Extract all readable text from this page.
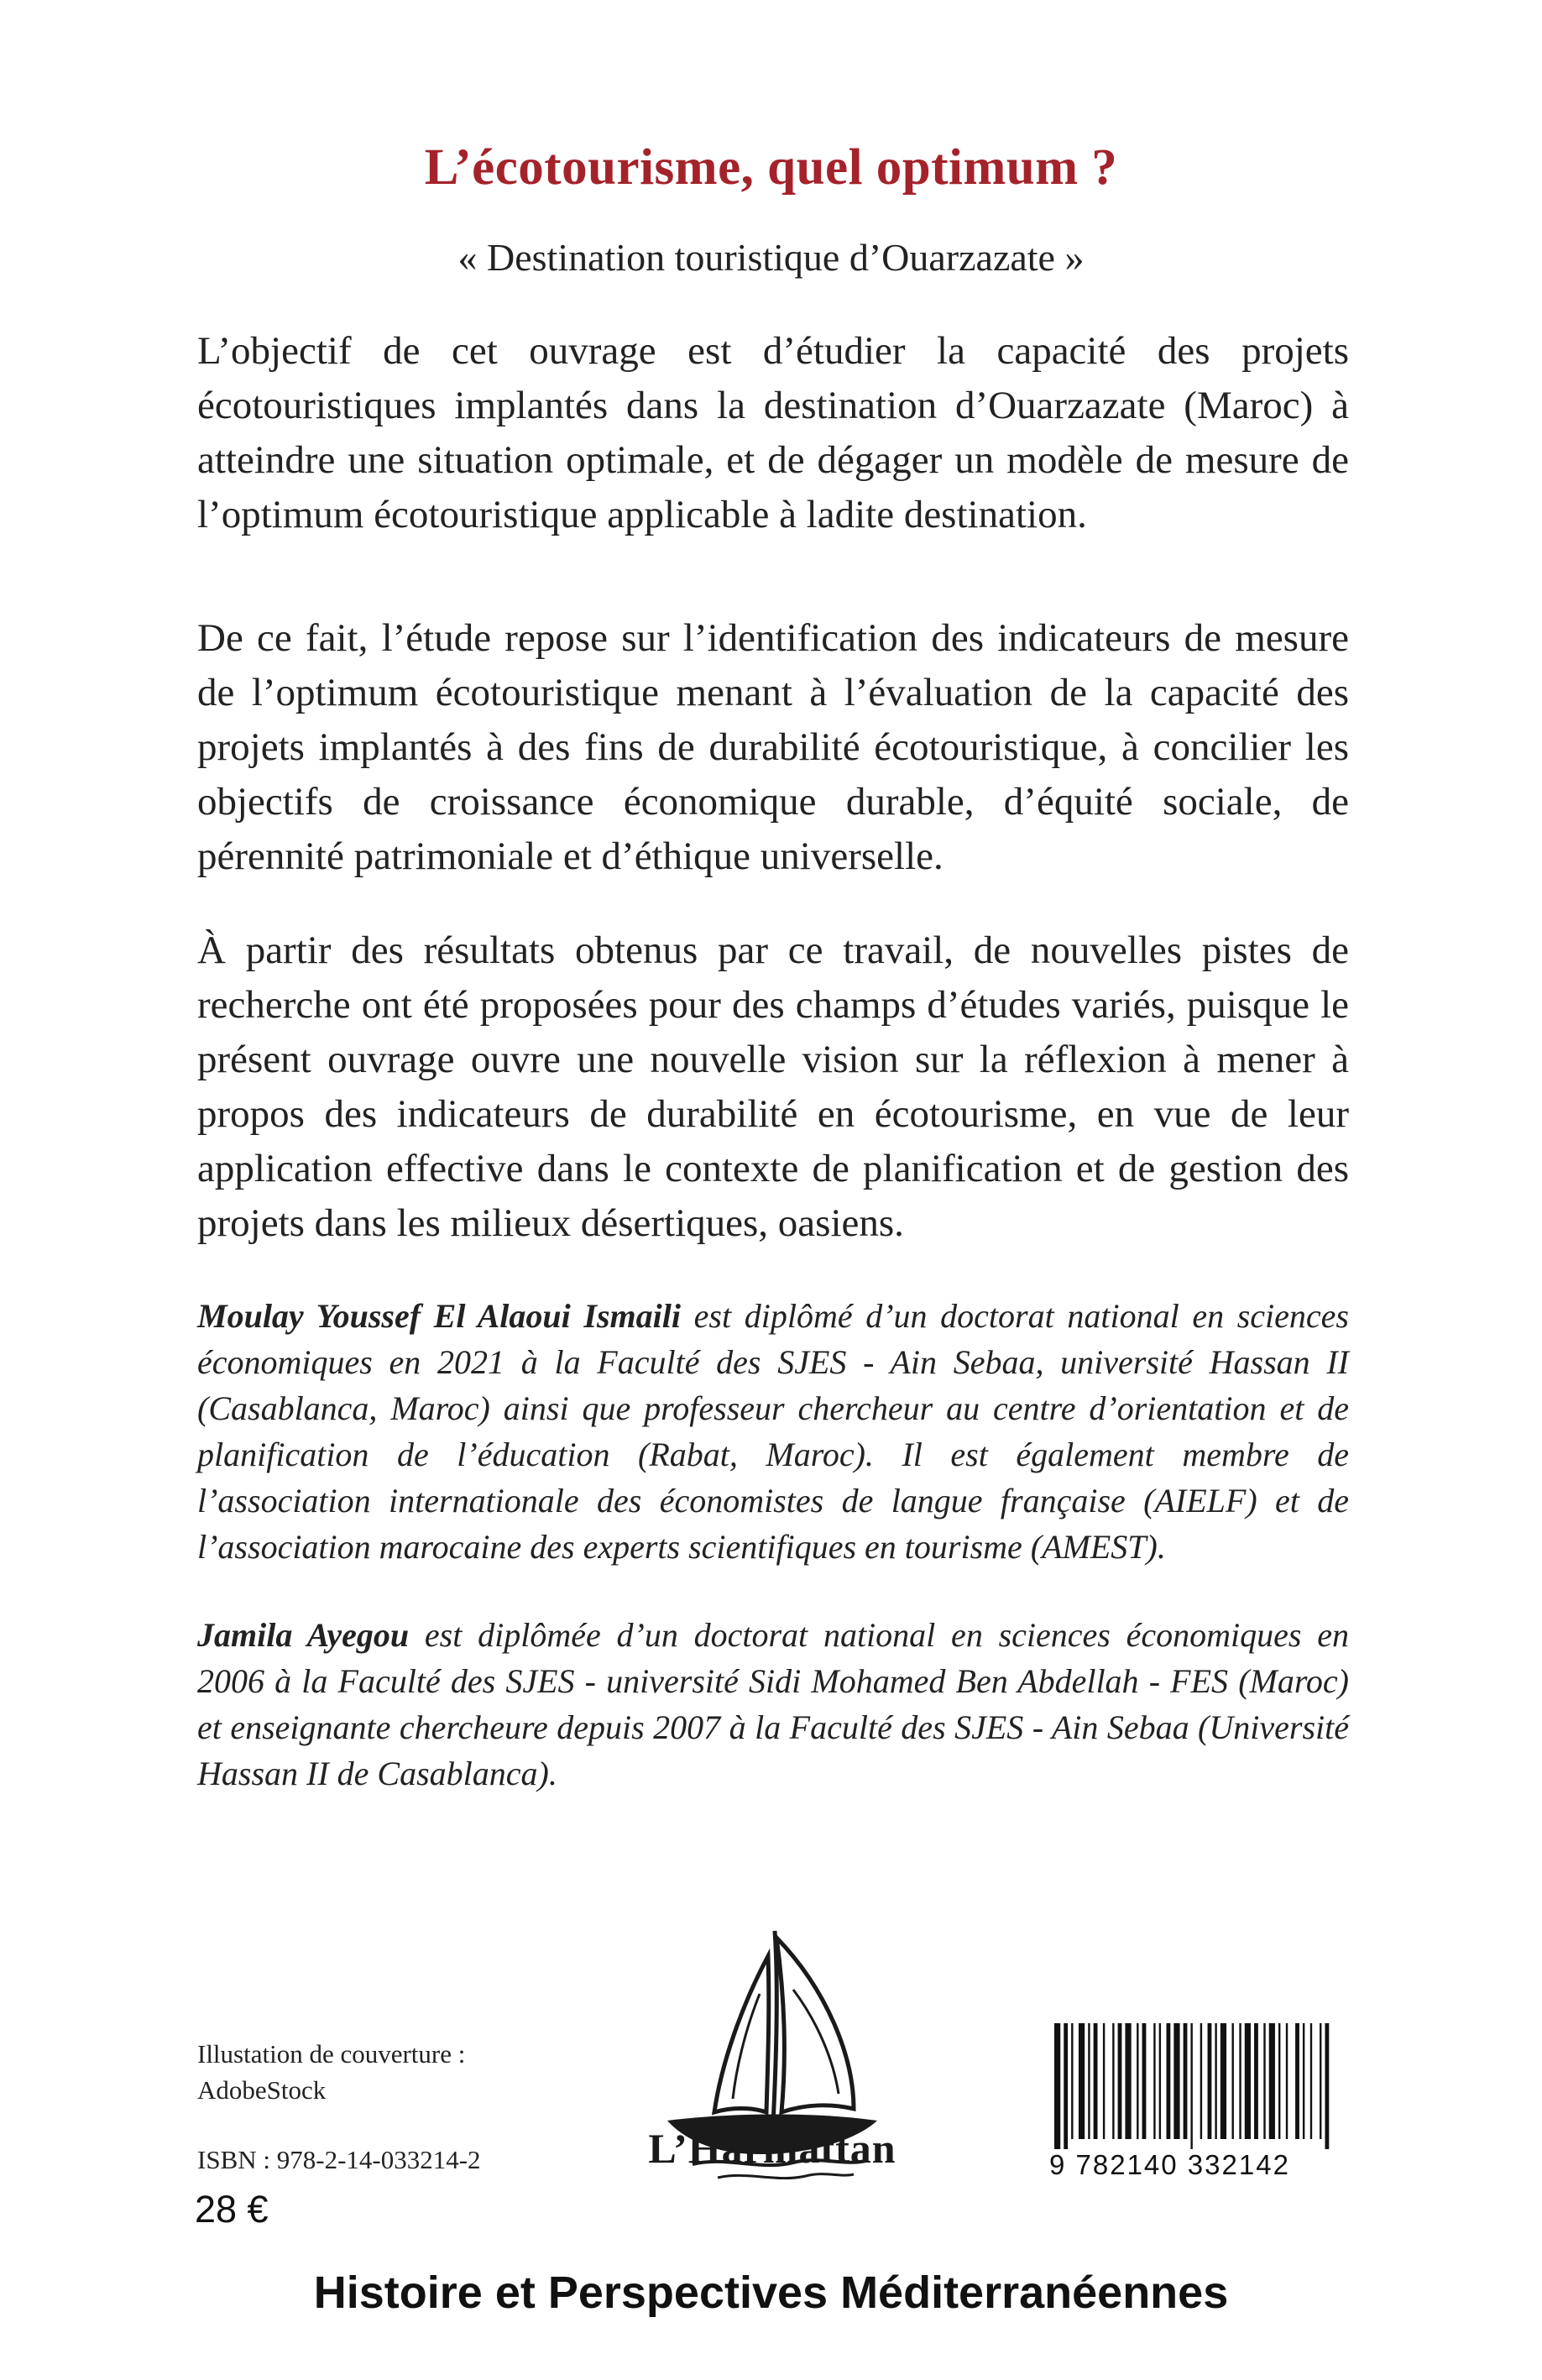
L’écotourisme, quel optimum ?
« Destination touristique d’Ouarzazate »
L’objectif de cet ouvrage est d’étudier la capacité des projets écotouristiques implantés dans la destination d’Ouarzazate (Maroc) à atteindre une situation optimale, et de dégager un modèle de mesure de l’optimum écotouristique applicable à ladite destination.
De ce fait, l’étude repose sur l’identification des indicateurs de mesure de l’optimum écotouristique menant à l’évaluation de la capacité des projets implantés à des fins de durabilité écotouristique, à concilier les objectifs de croissance économique durable, d’équité sociale, de pérennité patrimoniale et d’éthique universelle.
À partir des résultats obtenus par ce travail, de nouvelles pistes de recherche ont été proposées pour des champs d’études variés, puisque le présent ouvrage ouvre une nouvelle vision sur la réflexion à mener à propos des indicateurs de durabilité en écotourisme, en vue de leur application effective dans le contexte de planification et de gestion des projets dans les milieux désertiques, oasiens.
Moulay Youssef El Alaoui Ismaili est diplômé d’un doctorat national en sciences économiques en 2021 à la Faculté des SJES - Ain Sebaa, université Hassan II (Casablanca, Maroc) ainsi que professeur chercheur au centre d’orientation et de planification de l’éducation (Rabat, Maroc). Il est également membre de l’association internationale des économistes de langue française (AIELF) et de l’association marocaine des experts scientifiques en tourisme (AMEST).
Jamila Ayegou est diplômée d’un doctorat national en sciences économiques en 2006 à la Faculté des SJES - université Sidi Mohamed Ben Abdellah - FES (Maroc) et enseignante chercheure depuis 2007 à la Faculté des SJES - Ain Sebaa (Université Hassan II de Casablanca).
Illustation de couverture :
AdobeStock
ISBN : 978-2-14-033214-2
28 €
L’Harmattan	9 782140 332142
Histoire et Perspectives Méditerranéennes
